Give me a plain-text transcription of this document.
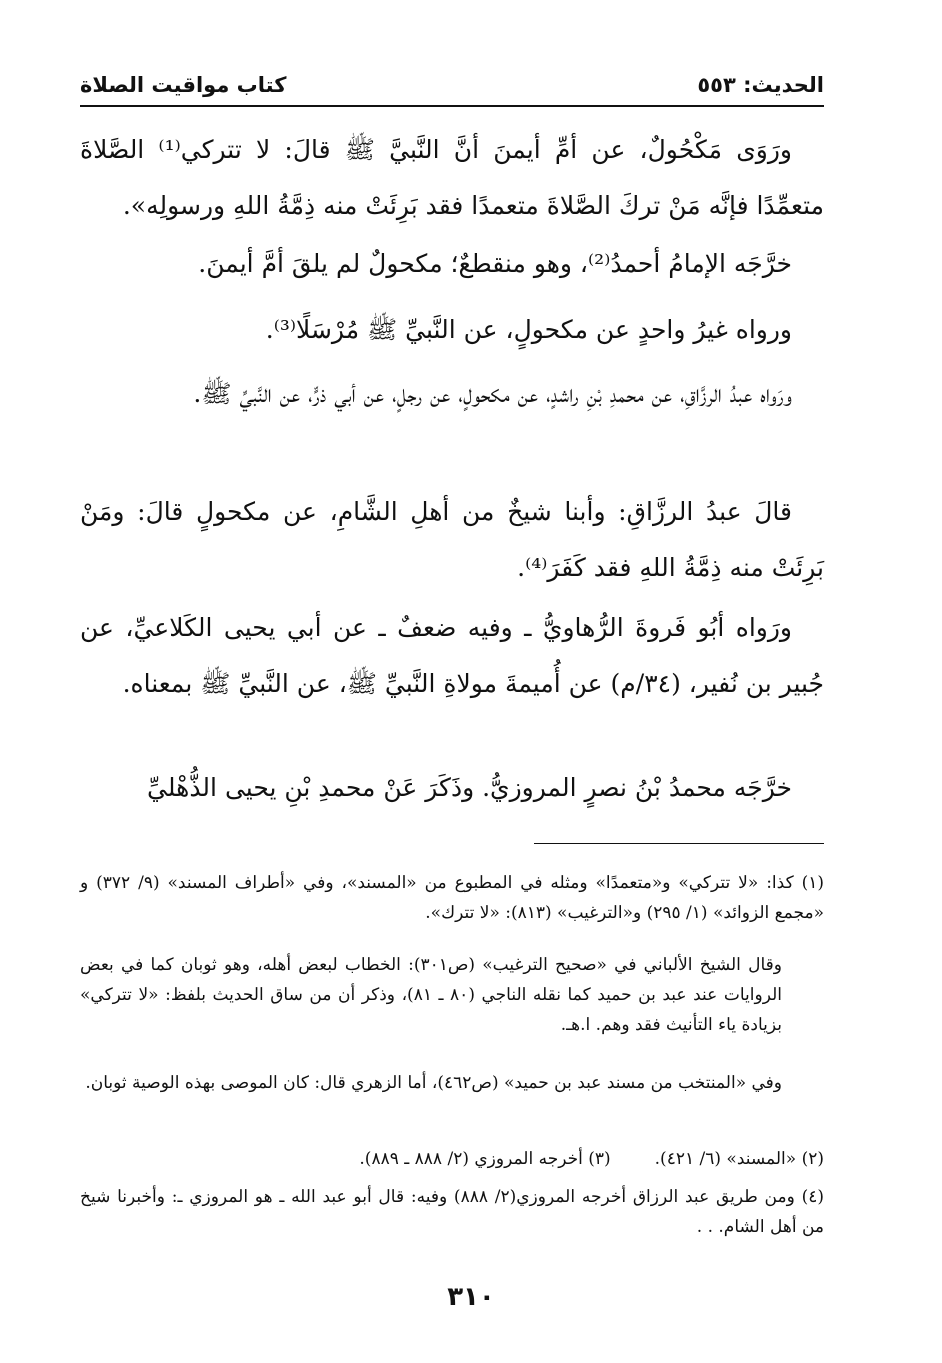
الحديث: ٥٥٣
كتاب مواقيت الصلاة

ورَوَى مَكْحُولٌ، عن أمِّ أيمنَ أنَّ النَّبيَّ ﷺ قالَ: لا تتركي⁽¹⁾ الصَّلاةَ متعمِّدًا فإنَّه مَنْ تركَ الصَّلاةَ متعمدًا فقد بَرِئَتْ منه ذِمَّةُ اللهِ ورسولِه».

خرَّجَه الإمامُ أحمدُ⁽²⁾، وهو منقطعٌ؛ مكحولٌ لم يلقَ أمَّ أيمنَ.

ورواه غيرُ واحدٍ عن مكحولٍ، عن النَّبيِّ ﷺ مُرْسَلًا⁽³⁾.

ورَواه عبدُ الرزَّاقِ، عن محمدِ بْنِ راشدٍ، عن مكحولٍ، عن رجلٍ، عن أبي ذرٍّ، عن النَّبيِّ ﷺ.

قالَ عبدُ الرزَّاقِ: وأبنا شيخٌ من أهلِ الشَّامِ، عن مكحولٍ قالَ: ومَنْ بَرِئَتْ منه ذِمَّةُ اللهِ فقد كَفَرَ⁽⁴⁾.

ورَواه أبُو فَروةَ الرُّهاويُّ ـ وفيه ضعفٌ ـ عن أبي يحيى الكَلاعيِّ، عن جُبير بن نُفير، (٣٤/م) عن أُميمةَ مولاةِ النَّبيِّ ﷺ، عن النَّبيِّ ﷺ بمعناه.

خرَّجَه محمدُ بْنُ نصرٍ المروزيُّ. وذَكَرَ عَنْ محمدِ بْنِ يحيى الذُّهْليِّ

(١) كذا: «لا تتركي» و«متعمدًا» ومثله في المطبوع من «المسند»، وفي «أطراف المسند» (٩/ ٣٧٢) و «مجمع الزوائد» (١/ ٢٩٥) و«الترغيب» (٨١٣): «لا تترك».

وقال الشيخ الألباني في «صحيح الترغيب» (ص٣٠١): الخطاب لبعض أهله، وهو ثوبان كما في بعض الروايات عند عبد بن حميد كما نقله الناجي (٨٠ ـ ٨١)، وذكر أن من ساق الحديث بلفظ: «لا تتركي» بزيادة ياء التأنيث فقد وهم. ا.هـ.

وفي «المنتخب من مسند عبد بن حميد» (ص٤٦٢)، أما الزهري قال: كان الموصى بهذه الوصية ثوبان.

(٢) «المسند» (٦/ ٤٢١).
(٣) أخرجه المروزي (٢/ ٨٨٨ ـ ٨٨٩).

(٤) ومن طريق عبد الرزاق أخرجه المروزي(٢/ ٨٨٨) وفيه: قال أبو عبد الله ـ هو المروزي ـ: وأخبرنا شيخ من أهل الشام. . .

٣١٠
